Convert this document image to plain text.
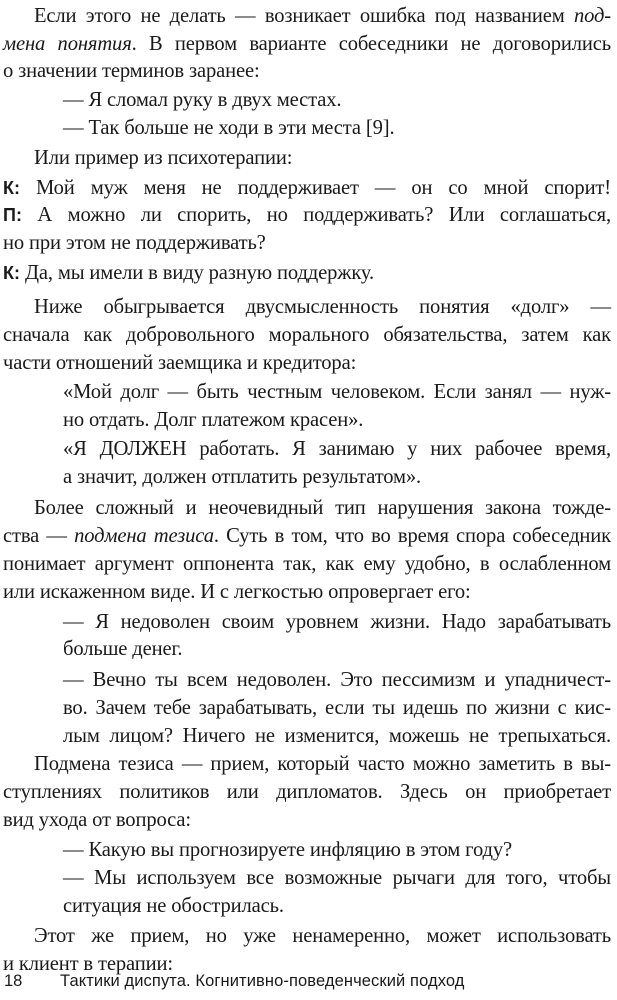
Если этого не делать — возникает ошибка под названием под-
мена понятия. В первом варианте собеседники не договорились
о значении терминов заранее:
— Я сломал руку в двух местах.
— Так больше не ходи в эти места [9].
Или пример из психотерапии:
К: Мой муж меня не поддерживает — он со мной спорит!
П: А можно ли спорить, но поддерживать? Или соглашаться,
но при этом не поддерживать?
К: Да, мы имели в виду разную поддержку.
Ниже обыгрывается двусмысленность понятия «долг» —
сначала как добровольного морального обязательства, затем как
части отношений заемщика и кредитора:
«Мой долг — быть честным человеком. Если занял — нуж-
но отдать. Долг платежом красен».
«Я ДОЛЖЕН работать. Я занимаю у них рабочее время,
а значит, должен отплатить результатом».
Более сложный и неочевидный тип нарушения закона тожде-
ства — подмена тезиса. Суть в том, что во время спора собеседник
понимает аргумент оппонента так, как ему удобно, в ослабленном
или искаженном виде. И с легкостью опровергает его:
— Я недоволен своим уровнем жизни. Надо зарабатывать
больше денег.
— Вечно ты всем недоволен. Это пессимизм и упадничест-
во. Зачем тебе зарабатывать, если ты идешь по жизни с кис-
лым лицом? Ничего не изменится, можешь не трепыхаться.
Подмена тезиса — прием, который часто можно заметить в вы-
ступлениях политиков или дипломатов. Здесь он приобретает
вид ухода от вопроса:
— Какую вы прогнозируете инфляцию в этом году?
— Мы используем все возможные рычаги для того, чтобы
ситуация не обострилась.
Этот же прием, но уже ненамеренно, может использовать
и клиент в терапии:
18 Тактики диспута. Когнитивно-поведенческий подход
